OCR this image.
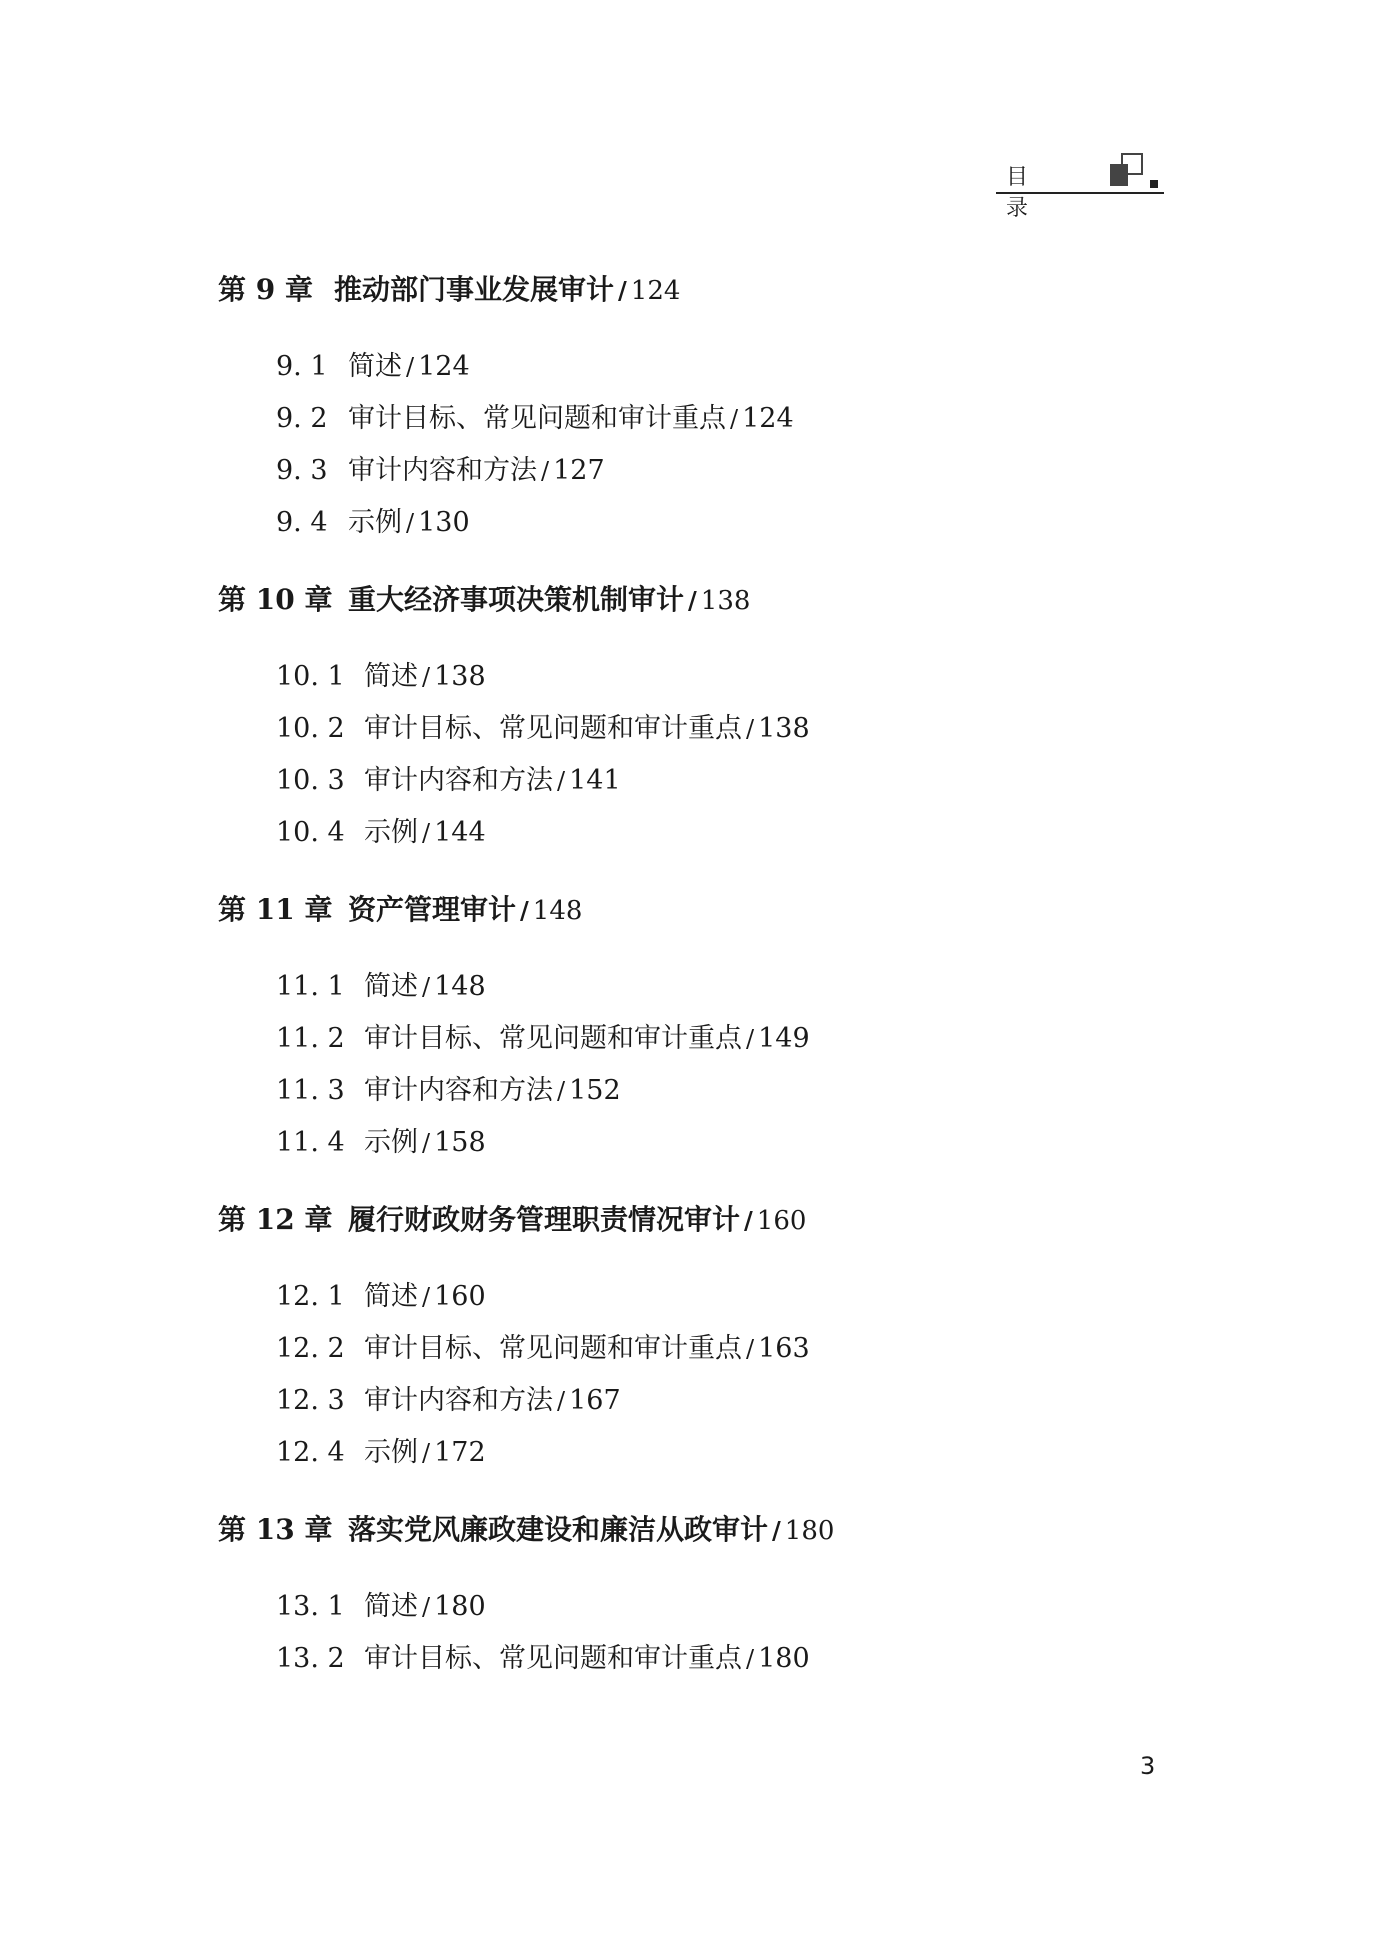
目 录
第 9 章 推动部门事业发展审计 / 124
9. 1 简述 / 124
9. 2 审计目标、常见问题和审计重点 / 124
9. 3 审计内容和方法 / 127
9. 4 示例 / 130
第 10 章 重大经济事项决策机制审计 / 138
10. 1 简述 / 138
10. 2 审计目标、常见问题和审计重点 / 138
10. 3 审计内容和方法 / 141
10. 4 示例 / 144
第 11 章 资产管理审计 / 148
11. 1 简述 / 148
11. 2 审计目标、常见问题和审计重点 / 149
11. 3 审计内容和方法 / 152
11. 4 示例 / 158
第 12 章 履行财政财务管理职责情况审计 / 160
12. 1 简述 / 160
12. 2 审计目标、常见问题和审计重点 / 163
12. 3 审计内容和方法 / 167
12. 4 示例 / 172
第 13 章 落实党风廉政建设和廉洁从政审计 / 180
13. 1 简述 / 180
13. 2 审计目标、常见问题和审计重点 / 180
3
